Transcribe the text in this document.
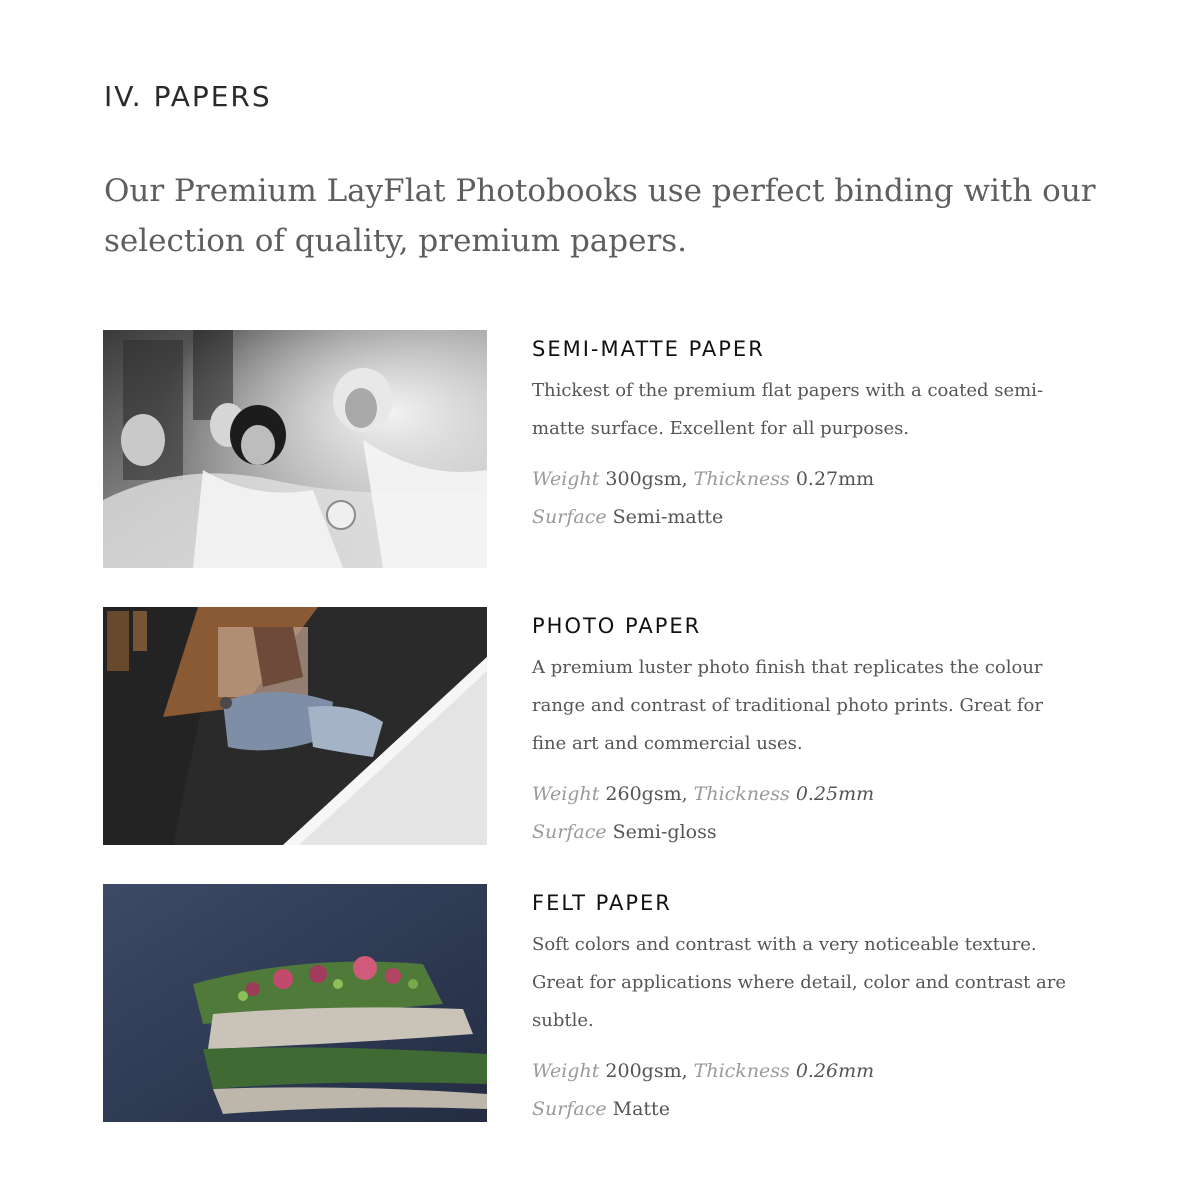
IV. PAPERS

Our Premium LayFlat Photobooks use perfect binding with our selection of quality, premium papers.

SEMI-MATTE PAPER

Thickest of the premium flat papers with a coated semi-matte surface. Excellent for all purposes.

Weight 300gsm, Thickness 0.27mm
Surface Semi-matte
PHOTO PAPER

A premium luster photo finish that replicates the colour range and contrast of traditional photo prints. Great for fine art and commercial uses.

Weight 260gsm, Thickness 0.25mm
Surface Semi-gloss
FELT PAPER

Soft colors and contrast with a very noticeable texture. Great for applications where detail, color and contrast are subtle.

Weight 200gsm, Thickness 0.26mm
Surface Matte
